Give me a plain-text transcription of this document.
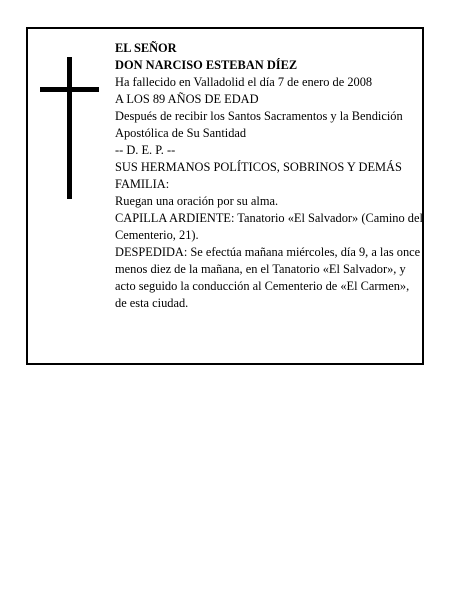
EL SEÑOR
DON NARCISO ESTEBAN DÍEZ
Ha fallecido en Valladolid el día 7 de enero de 2008
A LOS 89 AÑOS DE EDAD
Después de recibir los Santos Sacramentos y la Bendición Apostólica de Su Santidad
-- D. E. P. --
SUS HERMANOS POLÍTICOS, SOBRINOS Y DEMÁS FAMILIA:
Ruegan una oración por su alma.
CAPILLA ARDIENTE: Tanatorio «El Salvador» (Camino del Cementerio, 21).
DESPEDIDA: Se efectúa mañana miércoles, día 9, a las once menos diez de la mañana, en el Tanatorio «El Salvador», y acto seguido la conducción al Cementerio de «El Carmen», de esta ciudad.
